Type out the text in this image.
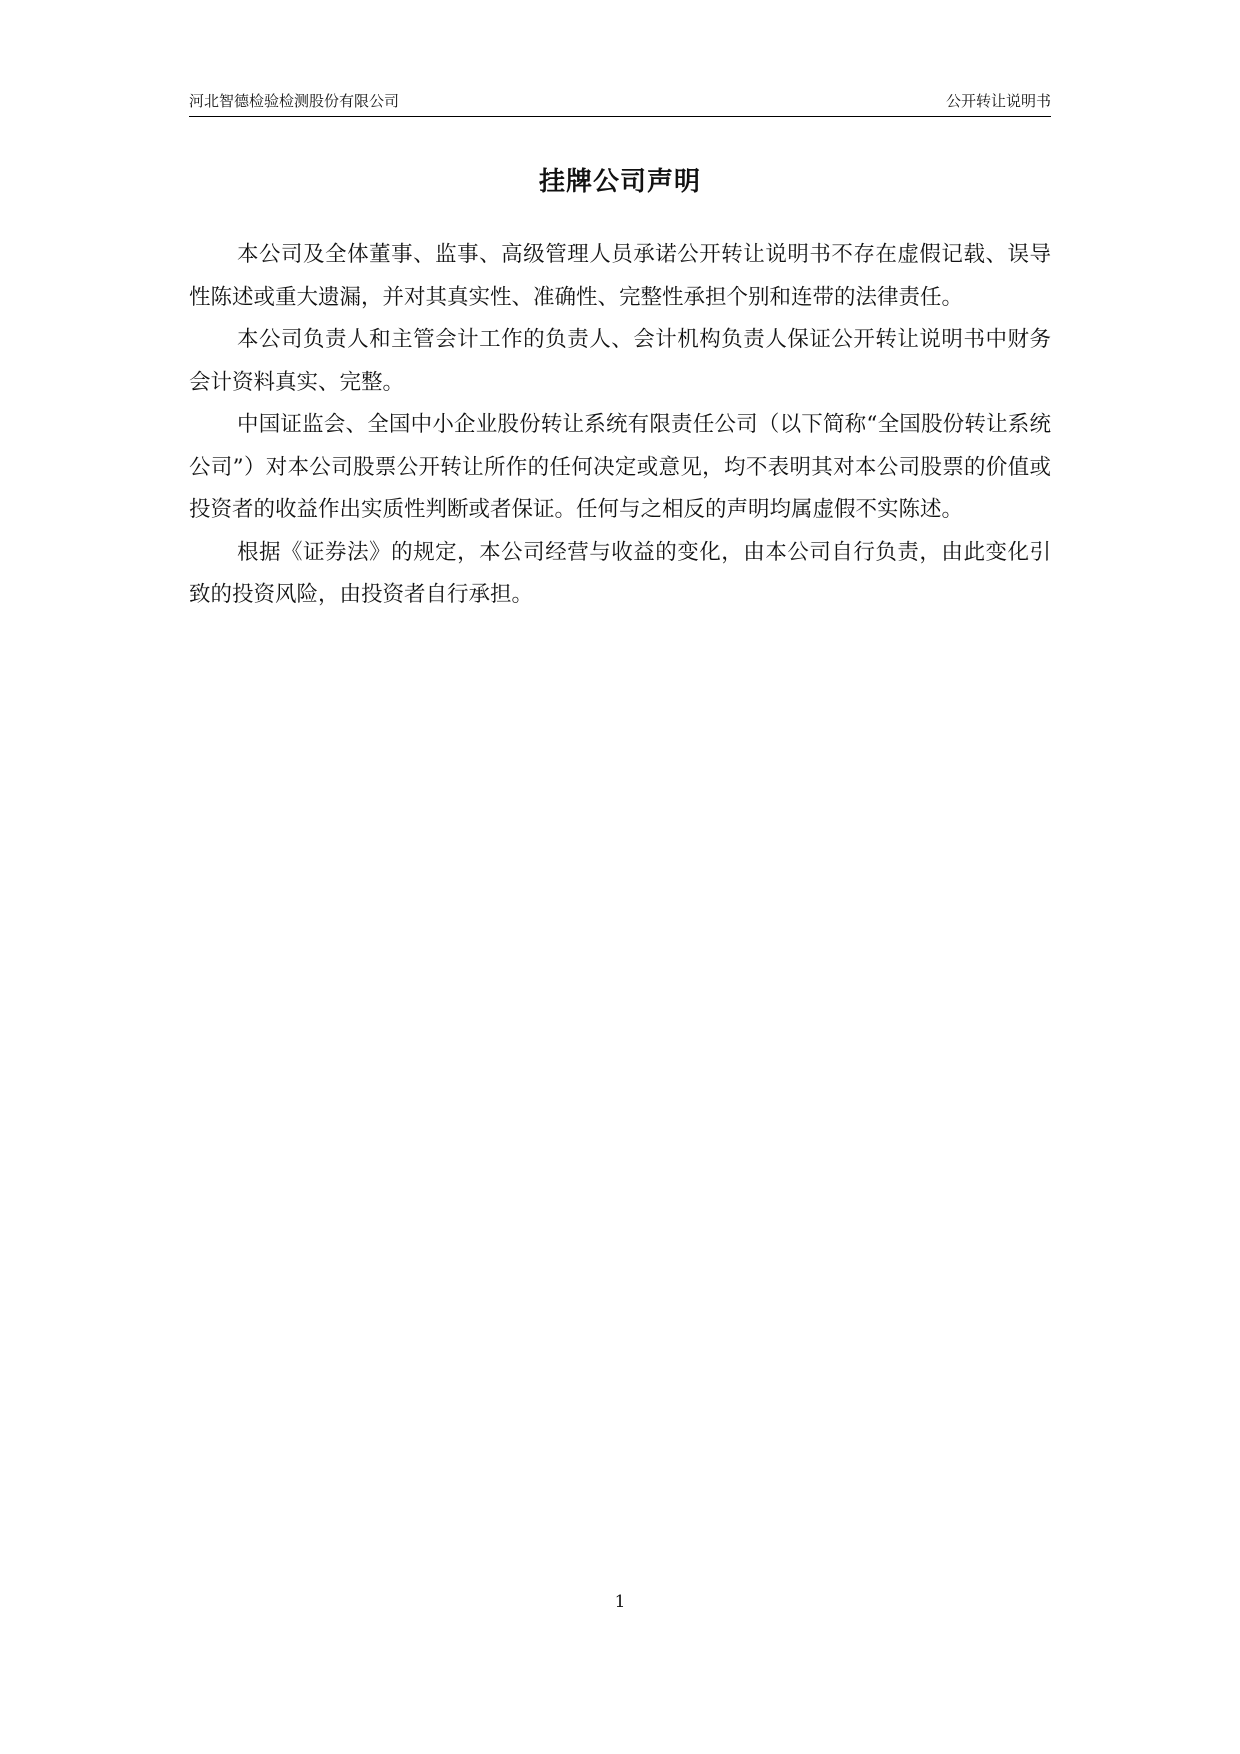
河北智德检验检测股份有限公司	公开转让说明书
挂牌公司声明

本公司及全体董事、监事、高级管理人员承诺公开转让说明书不存在虚假记载、误导性陈述或重大遗漏，并对其真实性、准确性、完整性承担个别和连带的法律责任。

本公司负责人和主管会计工作的负责人、会计机构负责人保证公开转让说明书中财务会计资料真实、完整。

中国证监会、全国中小企业股份转让系统有限责任公司（以下简称“全国股份转让系统公司”）对本公司股票公开转让所作的任何决定或意见，均不表明其对本公司股票的价值或投资者的收益作出实质性判断或者保证。任何与之相反的声明均属虚假不实陈述。

根据《证券法》的规定，本公司经营与收益的变化，由本公司自行负责，由此变化引致的投资风险，由投资者自行承担。

1
